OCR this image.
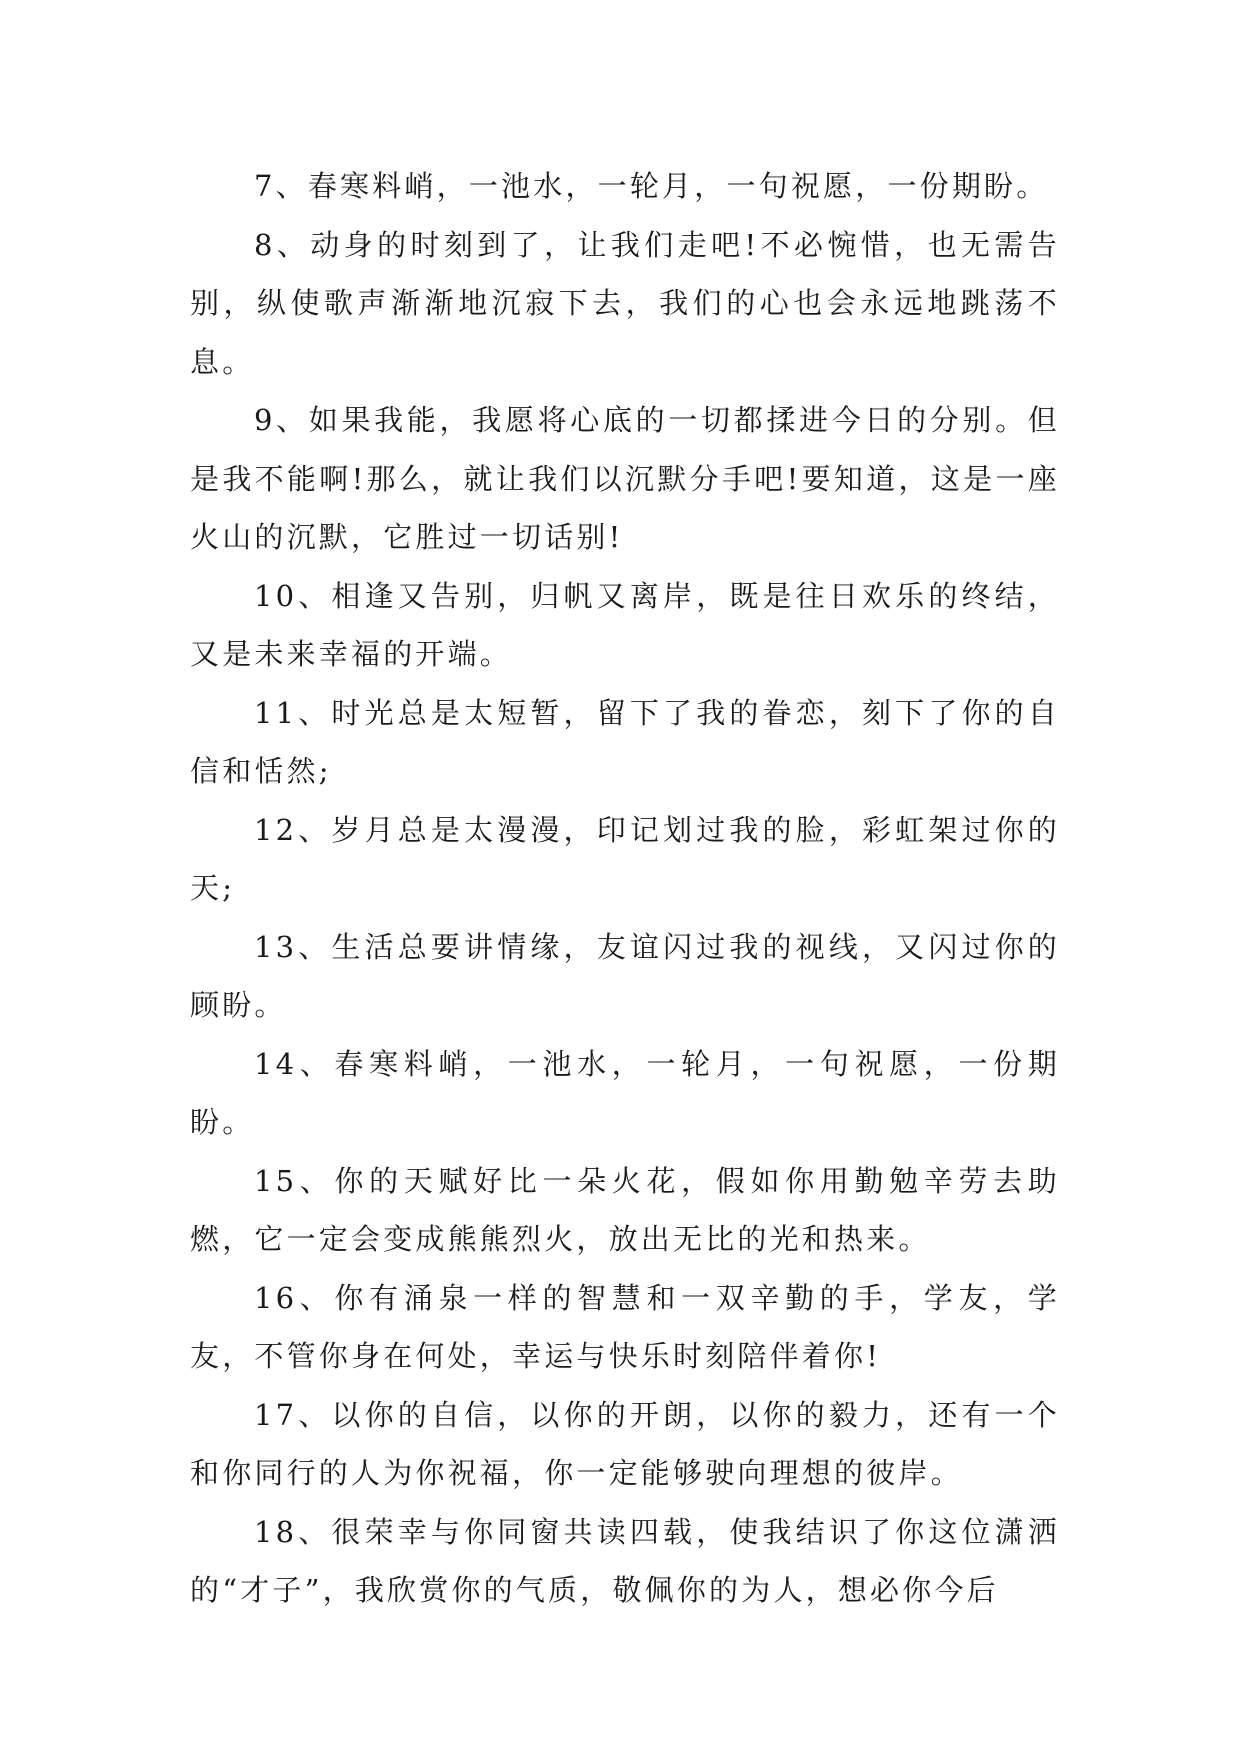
7、春寒料峭，一池水，一轮月，一句祝愿，一份期盼。

8、动身的时刻到了，让我们走吧!不必惋惜，也无需告别，纵使歌声渐渐地沉寂下去，我们的心也会永远地跳荡不息。

9、如果我能，我愿将心底的一切都揉进今日的分别。但是我不能啊!那么，就让我们以沉默分手吧!要知道，这是一座火山的沉默，它胜过一切话别!

10、相逢又告别，归帆又离岸，既是往日欢乐的终结，又是未来幸福的开端。

11、时光总是太短暂，留下了我的眷恋，刻下了你的自信和恬然;

12、岁月总是太漫漫，印记划过我的脸，彩虹架过你的天;

13、生活总要讲情缘，友谊闪过我的视线，又闪过你的顾盼。

14、春寒料峭，一池水，一轮月，一句祝愿，一份期盼。

15、你的天赋好比一朵火花，假如你用勤勉辛劳去助燃，它一定会变成熊熊烈火，放出无比的光和热来。

16、你有涌泉一样的智慧和一双辛勤的手，学友，学友，不管你身在何处，幸运与快乐时刻陪伴着你!

17、以你的自信，以你的开朗，以你的毅力，还有一个和你同行的人为你祝福，你一定能够驶向理想的彼岸。

18、很荣幸与你同窗共读四载，使我结识了你这位潇洒的“才子”，我欣赏你的气质，敬佩你的为人，想必你今后
